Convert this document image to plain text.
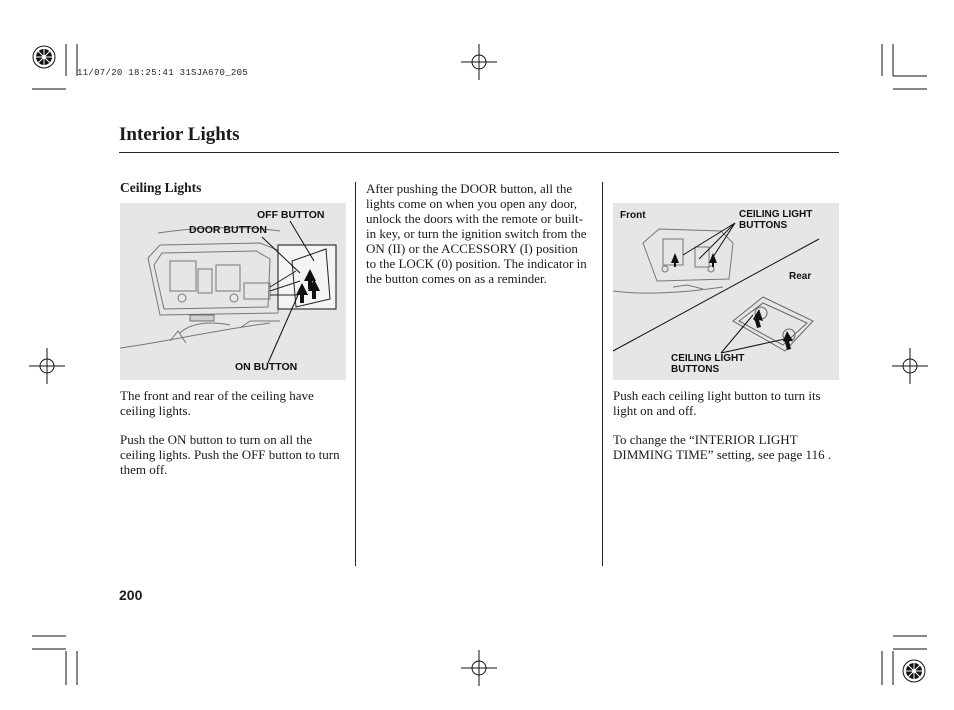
11/07/20 18:25:41 31SJA670_205
Interior Lights
Ceiling Lights
OFF BUTTON
DOOR BUTTON
ON BUTTON

The front and rear of the ceiling have ceiling lights.

Push the ON button to turn on all the ceiling lights. Push the OFF button to turn them off.

After pushing the DOOR button, all the lights come on when you open any door, unlock the doors with the remote or built-in key, or turn the ignition switch from the ON (II) or the ACCESSORY (I) position to the LOCK (0) position. The indicator in the button comes on as a reminder.

Front	CEILING LIGHT BUTTONS
Rear
CEILING LIGHT BUTTONS

Push each ceiling light button to turn its light on and off.

To change the “INTERIOR LIGHT DIMMING TIME” setting, see page 116 .

200
